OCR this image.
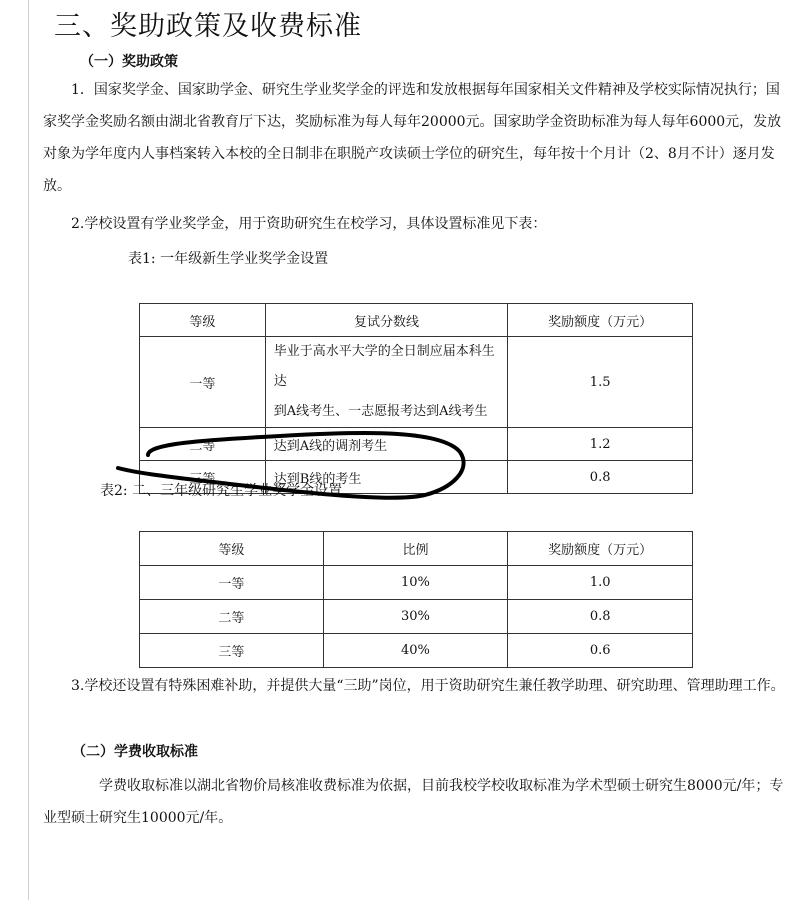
三、奖助政策及收费标准
（一）奖助政策

1．国家奖学金、国家助学金、研究生学业奖学金的评选和发放根据每年国家相关文件精神及学校实际情况执行；国家奖学金奖励名额由湖北省教育厅下达，奖励标准为每人每年20000元。国家助学金资助标准为每人每年6000元，发放对象为学年度内人事档案转入本校的全日制非在职脱产攻读硕士学位的研究生，每年按十个月计（2、8月不计）逐月发放。

2.学校设置有学业奖学金，用于资助研究生在校学习，具体设置标准见下表：

表1: 一年级新生学业奖学金设置

等级	复试分数线	奖励额度（万元）
一等	毕业于高水平大学的全日制应届本科生达
到A线考生、一志愿报考达到A线考生	1.5
二等	达到A线的调剂考生	1.2
三等	达到B线的考生	0.8

表2: 二、三年级研究生学业奖学金设置

等级	比例	奖励额度（万元）
一等	10%	1.0
二等	30%	0.8
三等	40%	0.6

3.学校还设置有特殊困难补助，并提供大量“三助”岗位，用于资助研究生兼任教学助理、研究助理、管理助理工作。

（二）学费收取标准

学费收取标准以湖北省物价局核准收费标准为依据，目前我校学校收取标准为学术型硕士研究生8000元/年；专业型硕士研究生10000元/年。
